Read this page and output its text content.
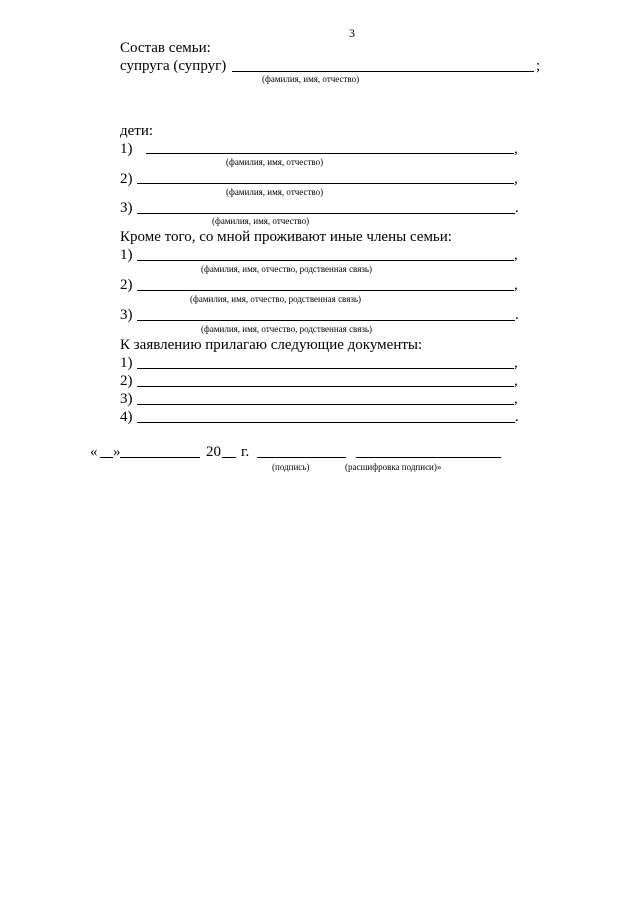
3
Состав семьи:
супруга (супруг)	;
(фамилия, имя, отчество)
дети:
1)	,
(фамилия, имя, отчество)
2)	,
(фамилия, имя, отчество)
3)	.
(фамилия, имя, отчество)
Кроме того, со мной проживают иные члены семьи:
1)	,
(фамилия, имя, отчество, родственная связь)
2)	,
(фамилия, имя, отчество, родственная связь)
3)	.
(фамилия, имя, отчество, родственная связь)
К заявлению прилагаю следующие документы:
1)	,
2)	,
3)	,
4)	.
« »	20 г.
(подпись)	(расшифровка подписи)»
